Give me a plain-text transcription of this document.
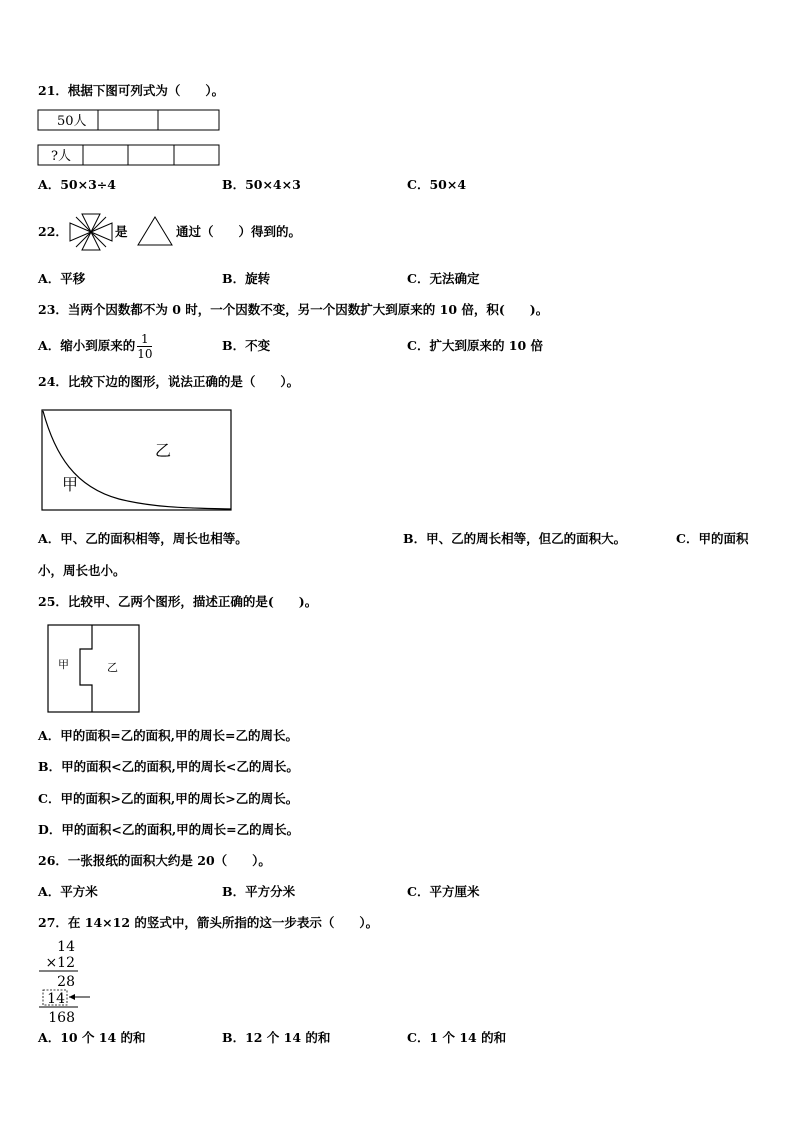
21．根据下图可列式为（　　）。
50人
?人
A．50×3÷4	B．50×4×3	C．50×4
22．	是	通过（　　）得到的。
A．平移	B．旋转	C．无法确定
23．当两个因数都不为 0 时，一个因数不变，另一个因数扩大到原来的 10 倍，积(　　)。
A．缩小到原来的 $\frac{1}{10}$	B．不变	C．扩大到原来的 10 倍
24．比较下边的图形，说法正确的是（　　）。
乙
甲
A．甲、乙的面积相等，周长也相等。	B．甲、乙的周长相等，但乙的面积大。	C．甲的面积
小，周长也小。
25．比较甲、乙两个图形，描述正确的是(　　)。
甲	乙
A．甲的面积=乙的面积,甲的周长=乙的周长。
B．甲的面积<乙的面积,甲的周长<乙的周长。
C．甲的面积>乙的面积,甲的周长>乙的周长。
D．甲的面积<乙的面积,甲的周长=乙的周长。
26．一张报纸的面积大约是 20（　　）。
A．平方米	B．平方分米	C．平方厘米
27．在 14×12 的竖式中，箭头所指的这一步表示（　　）。
14
×12
28
14
168
A．10 个 14 的和	B．12 个 14 的和	C．1 个 14 的和
